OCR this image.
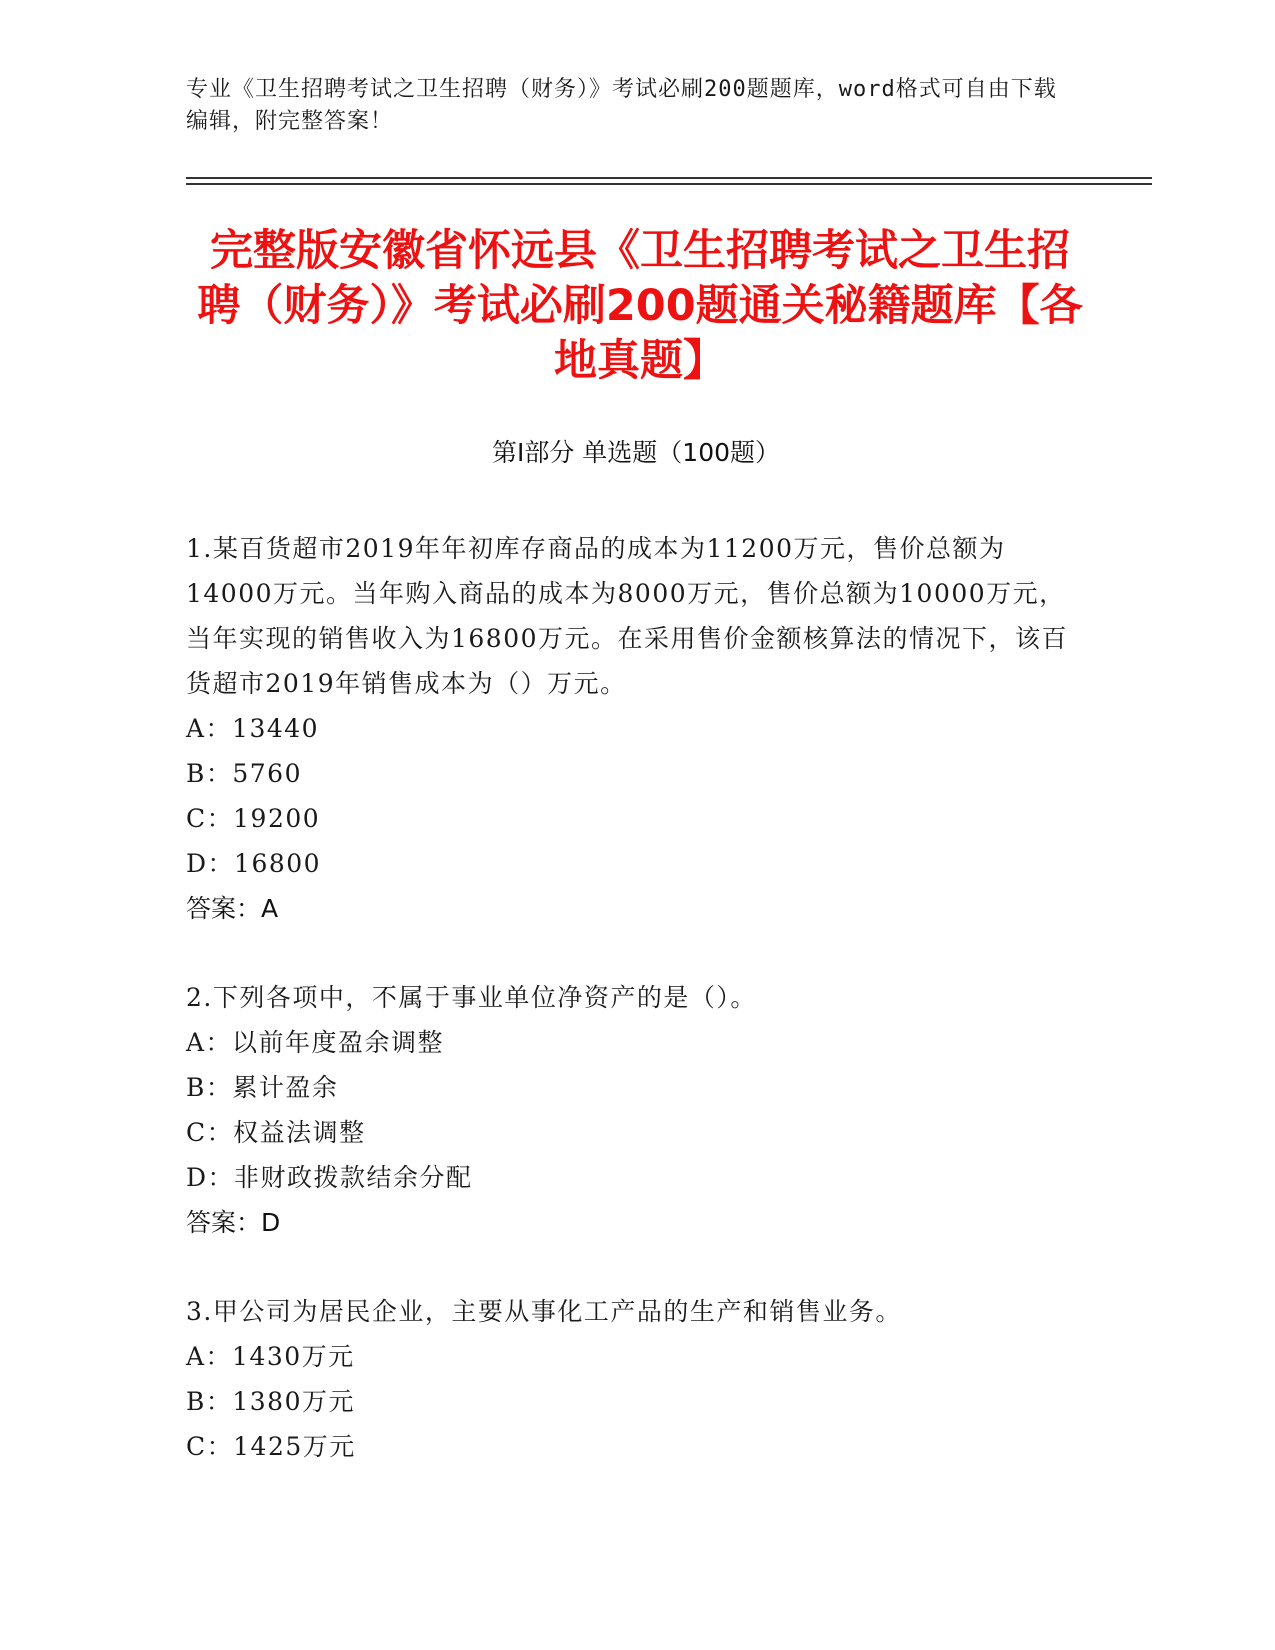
专业《卫生招聘考试之卫生招聘（财务）》考试必刷200题题库，word格式可自由下载编辑，附完整答案！
完整版安徽省怀远县《卫生招聘考试之卫生招聘（财务）》考试必刷200题通关秘籍题库【各地真题】
第I部分 单选题（100题）
1.某百货超市2019年年初库存商品的成本为11200万元，售价总额为14000万元。当年购入商品的成本为8000万元，售价总额为10000万元，当年实现的销售收入为16800万元。在采用售价金额核算法的情况下，该百货超市2019年销售成本为（）万元。
A：13440
B：5760
C：19200
D：16800
答案：A
2.下列各项中，不属于事业单位净资产的是（）。
A：以前年度盈余调整
B：累计盈余
C：权益法调整
D：非财政拨款结余分配
答案：D
3.甲公司为居民企业，主要从事化工产品的生产和销售业务。
A：1430万元
B：1380万元
C：1425万元
